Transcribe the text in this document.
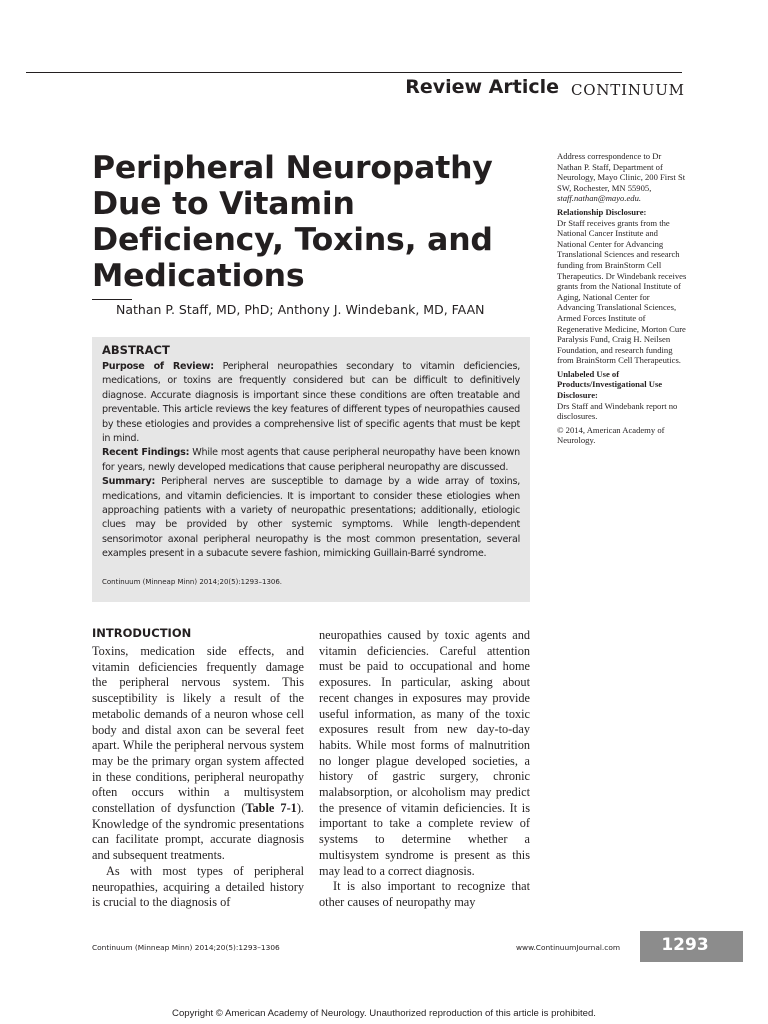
Review Article CONTINUUM
Peripheral Neuropathy Due to Vitamin Deficiency, Toxins, and Medications
Nathan P. Staff, MD, PhD; Anthony J. Windebank, MD, FAAN
Address correspondence to Dr Nathan P. Staff, Department of Neurology, Mayo Clinic, 200 First St SW, Rochester, MN 55905,
staff.nathan@mayo.edu.
Relationship Disclosure:
Dr Staff receives grants from the National Cancer Institute and National Center for Advancing Translational Sciences and research funding from BrainStorm Cell Therapeutics. Dr Windebank receives grants from the National Institute of Aging, National Center for Advancing Translational Sciences, Armed Forces Institute of Regenerative Medicine, Morton Cure Paralysis Fund, Craig H. Neilsen Foundation, and research funding from BrainStorm Cell Therapeutics.
Unlabeled Use of Products/Investigational Use Disclosure:
Drs Staff and Windebank report no disclosures.
© 2014, American Academy of Neurology.
ABSTRACT

Purpose of Review: Peripheral neuropathies secondary to vitamin deficiencies, medications, or toxins are frequently considered but can be difficult to definitively diagnose. Accurate diagnosis is important since these conditions are often treatable and preventable. This article reviews the key features of different types of neuropathies caused by these etiologies and provides a comprehensive list of specific agents that must be kept in mind.

Recent Findings: While most agents that cause peripheral neuropathy have been known for years, newly developed medications that cause peripheral neuropathy are discussed.

Summary: Peripheral nerves are susceptible to damage by a wide array of toxins, medications, and vitamin deficiencies. It is important to consider these etiologies when approaching patients with a variety of neuropathic presentations; additionally, etiologic clues may be provided by other systemic symptoms. While length-dependent sensorimotor axonal peripheral neuropathy is the most common presentation, several examples present in a subacute severe fashion, mimicking Guillain-Barré syndrome.

Continuum (Minneap Minn) 2014;20(5):1293–1306.
INTRODUCTION

Toxins, medication side effects, and vitamin deficiencies frequently damage the peripheral nervous system. This susceptibility is likely a result of the metabolic demands of a neuron whose cell body and distal axon can be several feet apart. While the peripheral nervous system may be the primary organ system affected in these conditions, peripheral neuropathy often occurs within a multisystem constellation of dysfunction (Table 7-1). Knowledge of the syndromic presentations can facilitate prompt, accurate diagnosis and subsequent treatments.

As with most types of peripheral neuropathies, acquiring a detailed history is crucial to the diagnosis of

neuropathies caused by toxic agents and vitamin deficiencies. Careful attention must be paid to occupational and home exposures. In particular, asking about recent changes in exposures may provide useful information, as many of the toxic exposures result from new day-to-day habits. While most forms of malnutrition no longer plague developed societies, a history of gastric surgery, chronic malabsorption, or alcoholism may predict the presence of vitamin deficiencies. It is important to take a complete review of systems to determine whether a multisystem syndrome is present as this may lead to a correct diagnosis.

It is also important to recognize that other causes of neuropathy may

Continuum (Minneap Minn) 2014;20(5):1293–1306	www.ContinuumJournal.com	1293
Copyright © American Academy of Neurology. Unauthorized reproduction of this article is prohibited.
